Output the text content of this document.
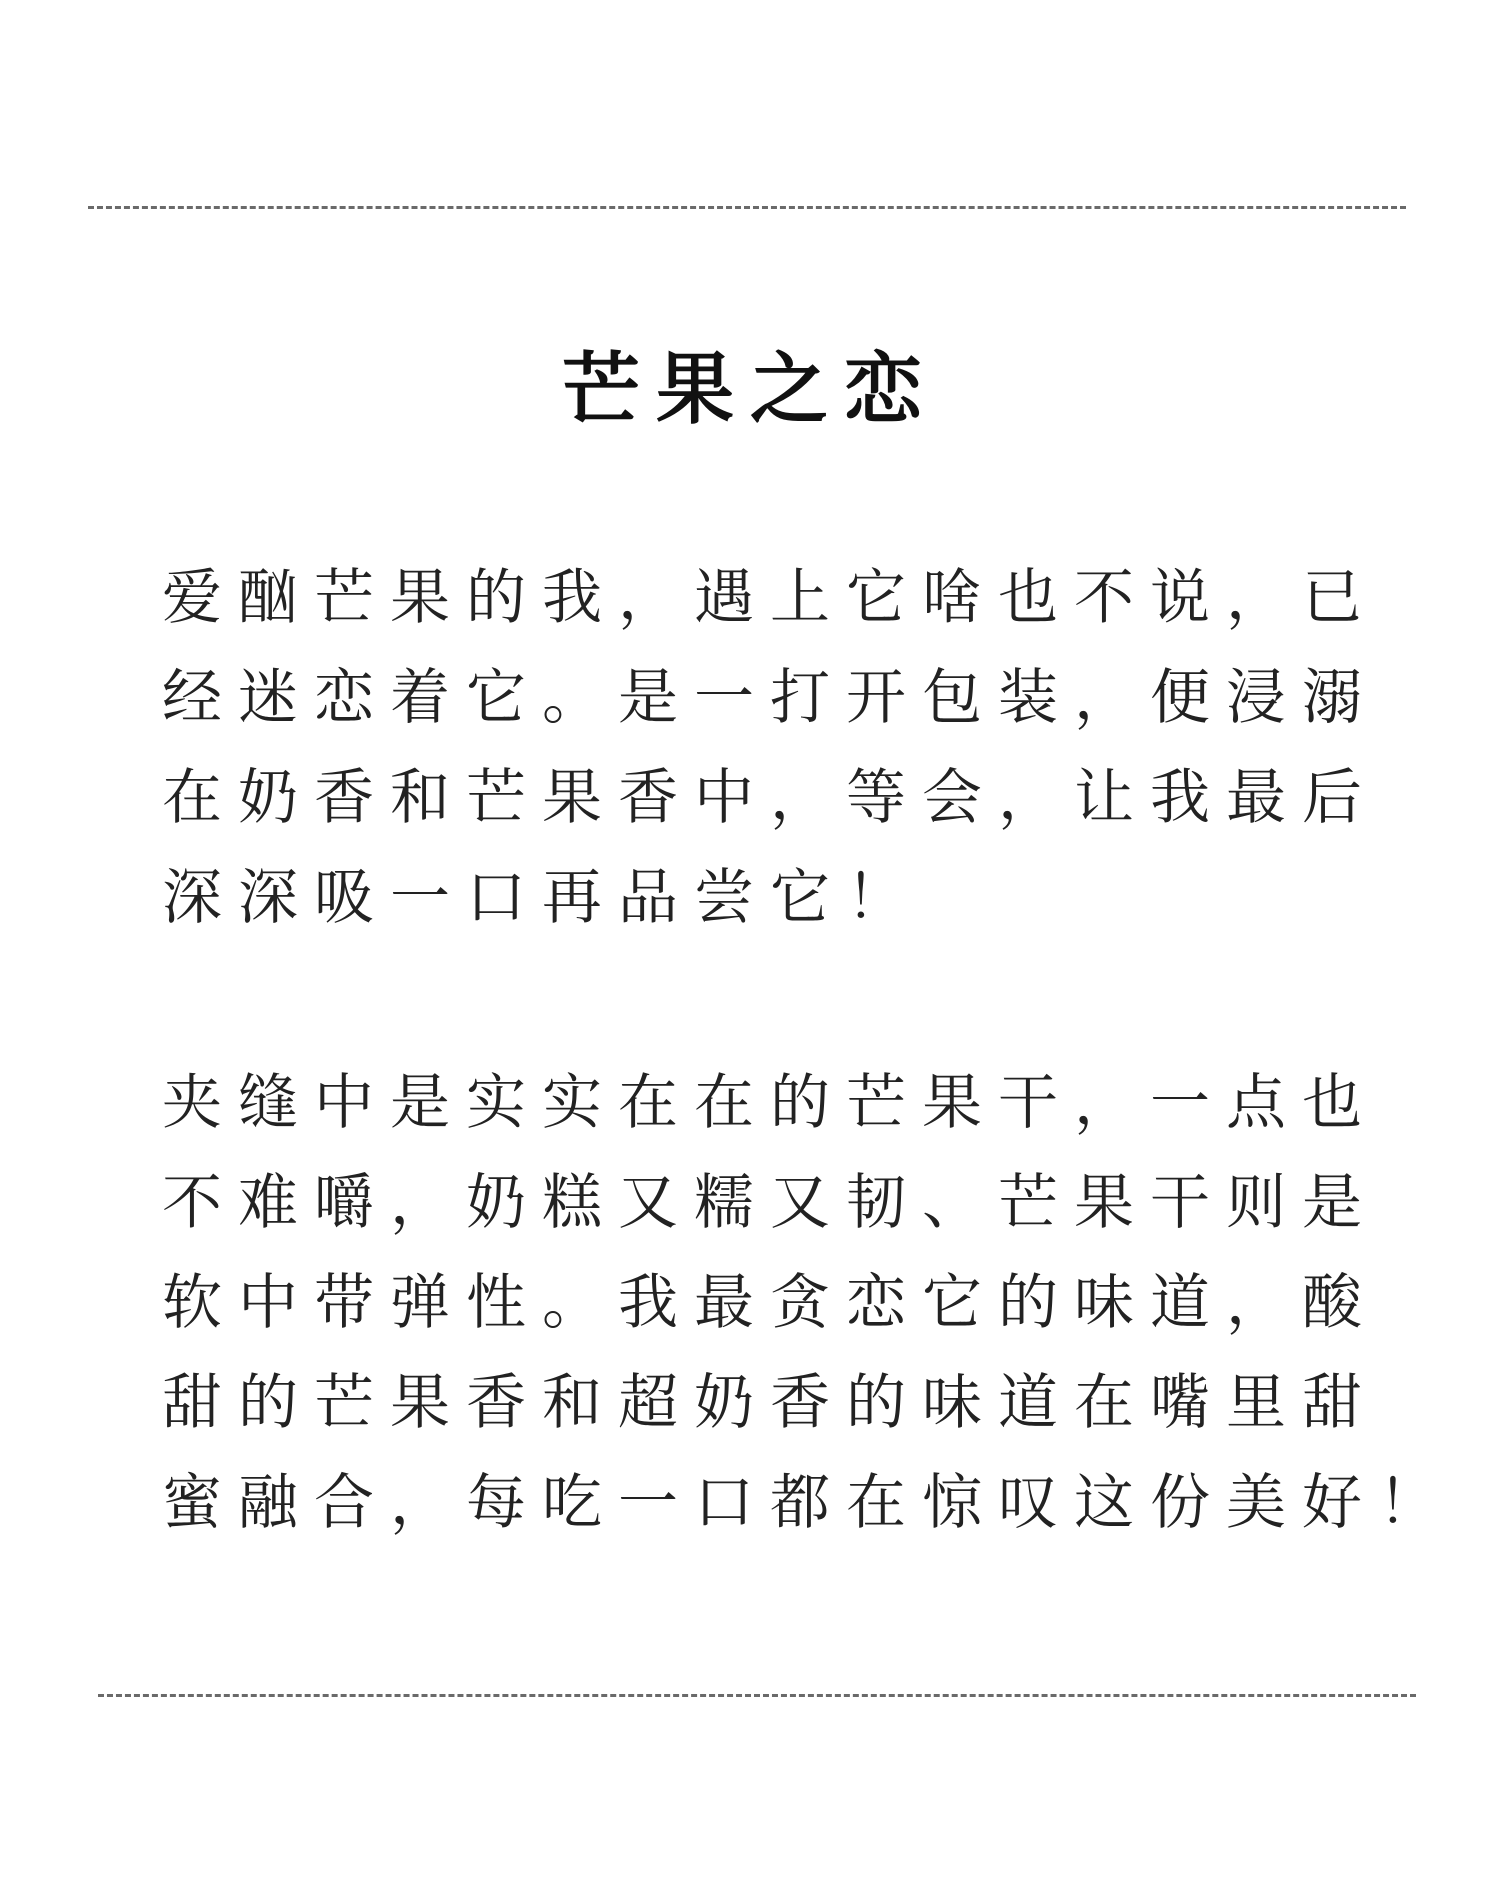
芒果之恋
爱酗芒果的我，遇上它啥也不说，已
经迷恋着它。是一打开包装，便浸溺
在奶香和芒果香中，等会，让我最后
深深吸一口再品尝它！
夹缝中是实实在在的芒果干，一点也
不难嚼，奶糕又糯又韧、芒果干则是
软中带弹性。我最贪恋它的味道，酸
甜的芒果香和超奶香的味道在嘴里甜
蜜融合，每吃一口都在惊叹这份美好！
